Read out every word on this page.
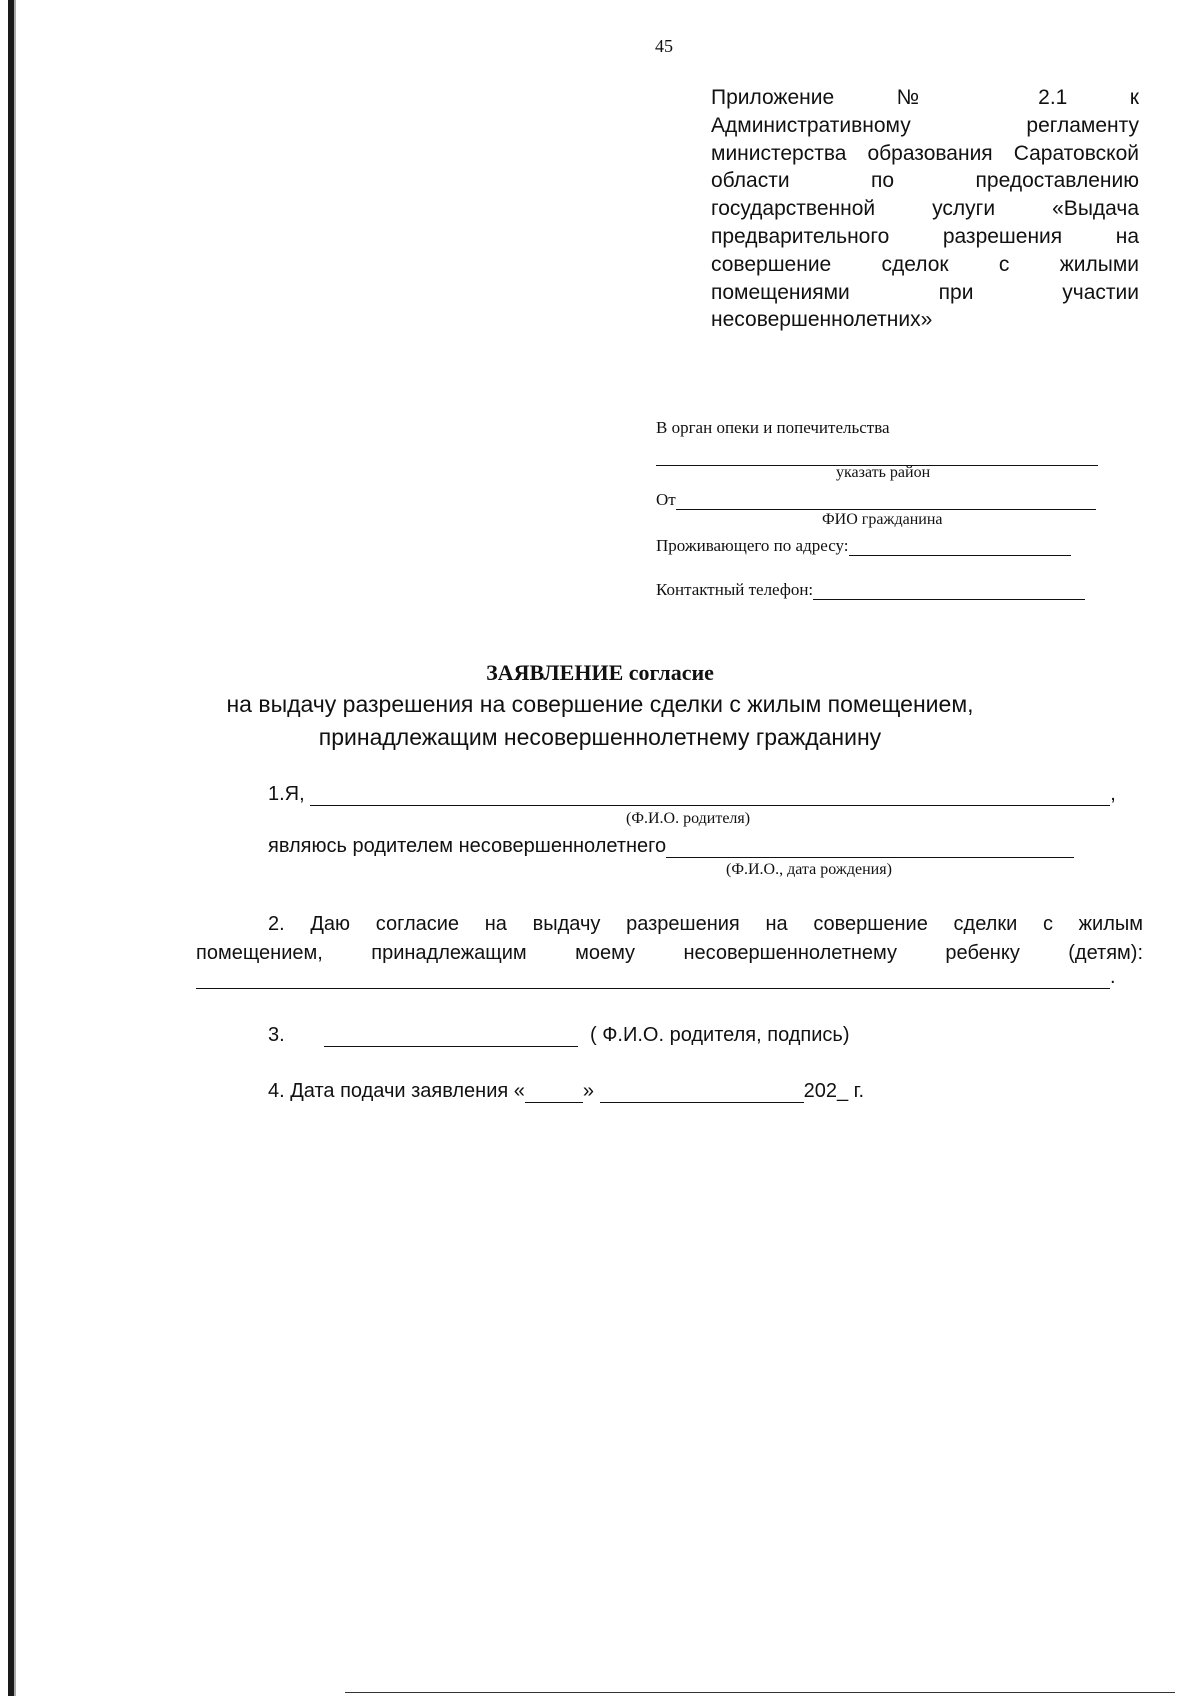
45
Приложение № 2.1 к
Административному регламенту
министерства образования Саратовской
области по предоставлению
государственной услуги «Выдача
предварительного разрешения на
совершение сделок с жилыми
помещениями при участии
несовершеннолетних»
В орган опеки и попечительства
указать район
От
ФИО гражданина
Проживающего по адресу:
Контактный телефон:
ЗАЯВЛЕНИЕ согласие
на выдачу разрешения на совершение сделки с жилым помещением,
принадлежащим несовершеннолетнему гражданину
1.Я,	,
(Ф.И.О. родителя)
являюсь родителем несовершеннолетнего
(Ф.И.О., дата рождения)
2. Даю согласие на выдачу разрешения на совершение сделки с жилым
помещением, принадлежащим моему несовершеннолетнему ребенку (детям):
.
3.	( Ф.И.О. родителя, подпись)
4. Дата подачи заявления «	»	202_ г.
